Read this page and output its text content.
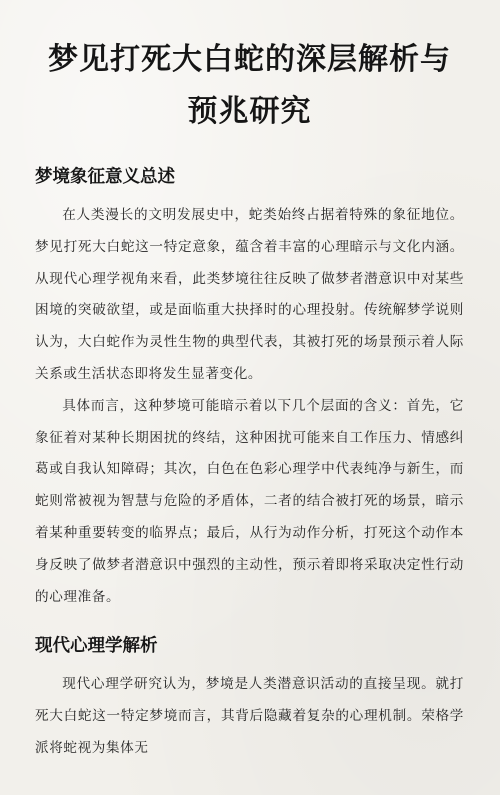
梦见打死大白蛇的深层解析与预兆研究
梦境象征意义总述

在人类漫长的文明发展史中，蛇类始终占据着特殊的象征地位。梦见打死大白蛇这一特定意象，蕴含着丰富的心理暗示与文化内涵。从现代心理学视角来看，此类梦境往往反映了做梦者潜意识中对某些困境的突破欲望，或是面临重大抉择时的心理投射。传统解梦学说则认为，大白蛇作为灵性生物的典型代表，其被打死的场景预示着人际关系或生活状态即将发生显著变化。

具体而言，这种梦境可能暗示着以下几个层面的含义：首先，它象征着对某种长期困扰的终结，这种困扰可能来自工作压力、情感纠葛或自我认知障碍；其次，白色在色彩心理学中代表纯净与新生，而蛇则常被视为智慧与危险的矛盾体，二者的结合被打死的场景，暗示着某种重要转变的临界点；最后，从行为动作分析，打死这个动作本身反映了做梦者潜意识中强烈的主动性，预示着即将采取决定性行动的心理准备。

现代心理学解析

现代心理学研究认为，梦境是人类潜意识活动的直接呈现。就打死大白蛇这一特定梦境而言，其背后隐藏着复杂的心理机制。荣格学派将蛇视为集体无
